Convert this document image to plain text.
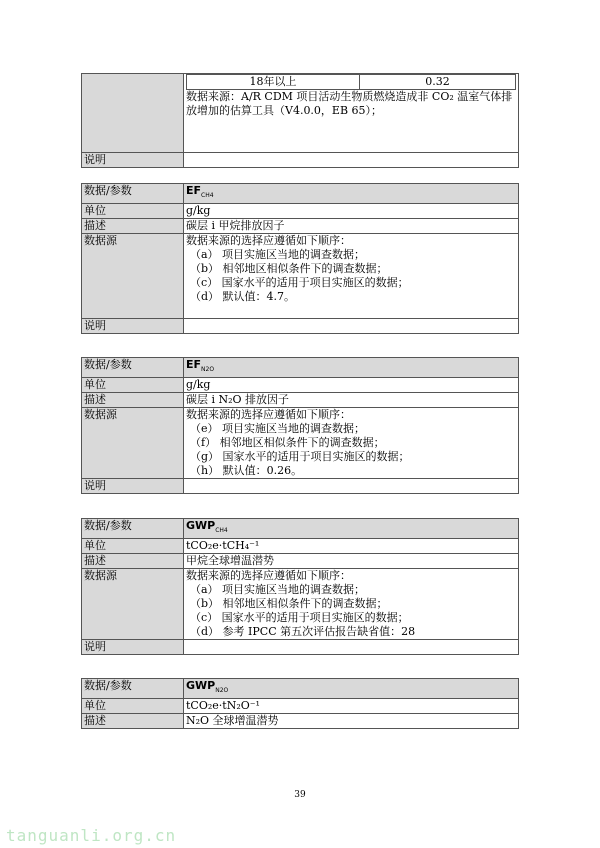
18年以上	0.32
数据来源：A/R CDM 项目活动生物质燃烧造成非 CO₂ 温室气体排放增加的估算工具（V4.0.0，EB 65）；

说明	
数据/参数	$EF_{CH4}$
单位	g/kg
描述	碳层 i 甲烷排放因子
数据源	数据来源的选择应遵循如下顺序：
（a） 项目实施区当地的调查数据；
（b） 相邻地区相似条件下的调查数据；
（c） 国家水平的适用于项目实施区的数据；
（d） 默认值：4.7。

说明	
数据/参数	$EF_{N2O}$
单位	g/kg
描述	碳层 i N₂O 排放因子
数据源	数据来源的选择应遵循如下顺序：
（e） 项目实施区当地的调查数据；
（f） 相邻地区相似条件下的调查数据；
（g） 国家水平的适用于项目实施区的数据；
（h） 默认值：0.26。

说明	
数据/参数	$GWP_{CH4}$
单位	tCO₂e·tCH₄⁻¹
描述	甲烷全球增温潜势
数据源	数据来源的选择应遵循如下顺序：
（a） 项目实施区当地的调查数据；
（b） 相邻地区相似条件下的调查数据；
（c） 国家水平的适用于项目实施区的数据；
（d） 参考 IPCC 第五次评估报告缺省值：28

说明	
数据/参数	$GWP_{N2O}$
单位	tCO₂e·tN₂O⁻¹
描述	N₂O 全球增温潜势
39
tanguanli.org.cn
